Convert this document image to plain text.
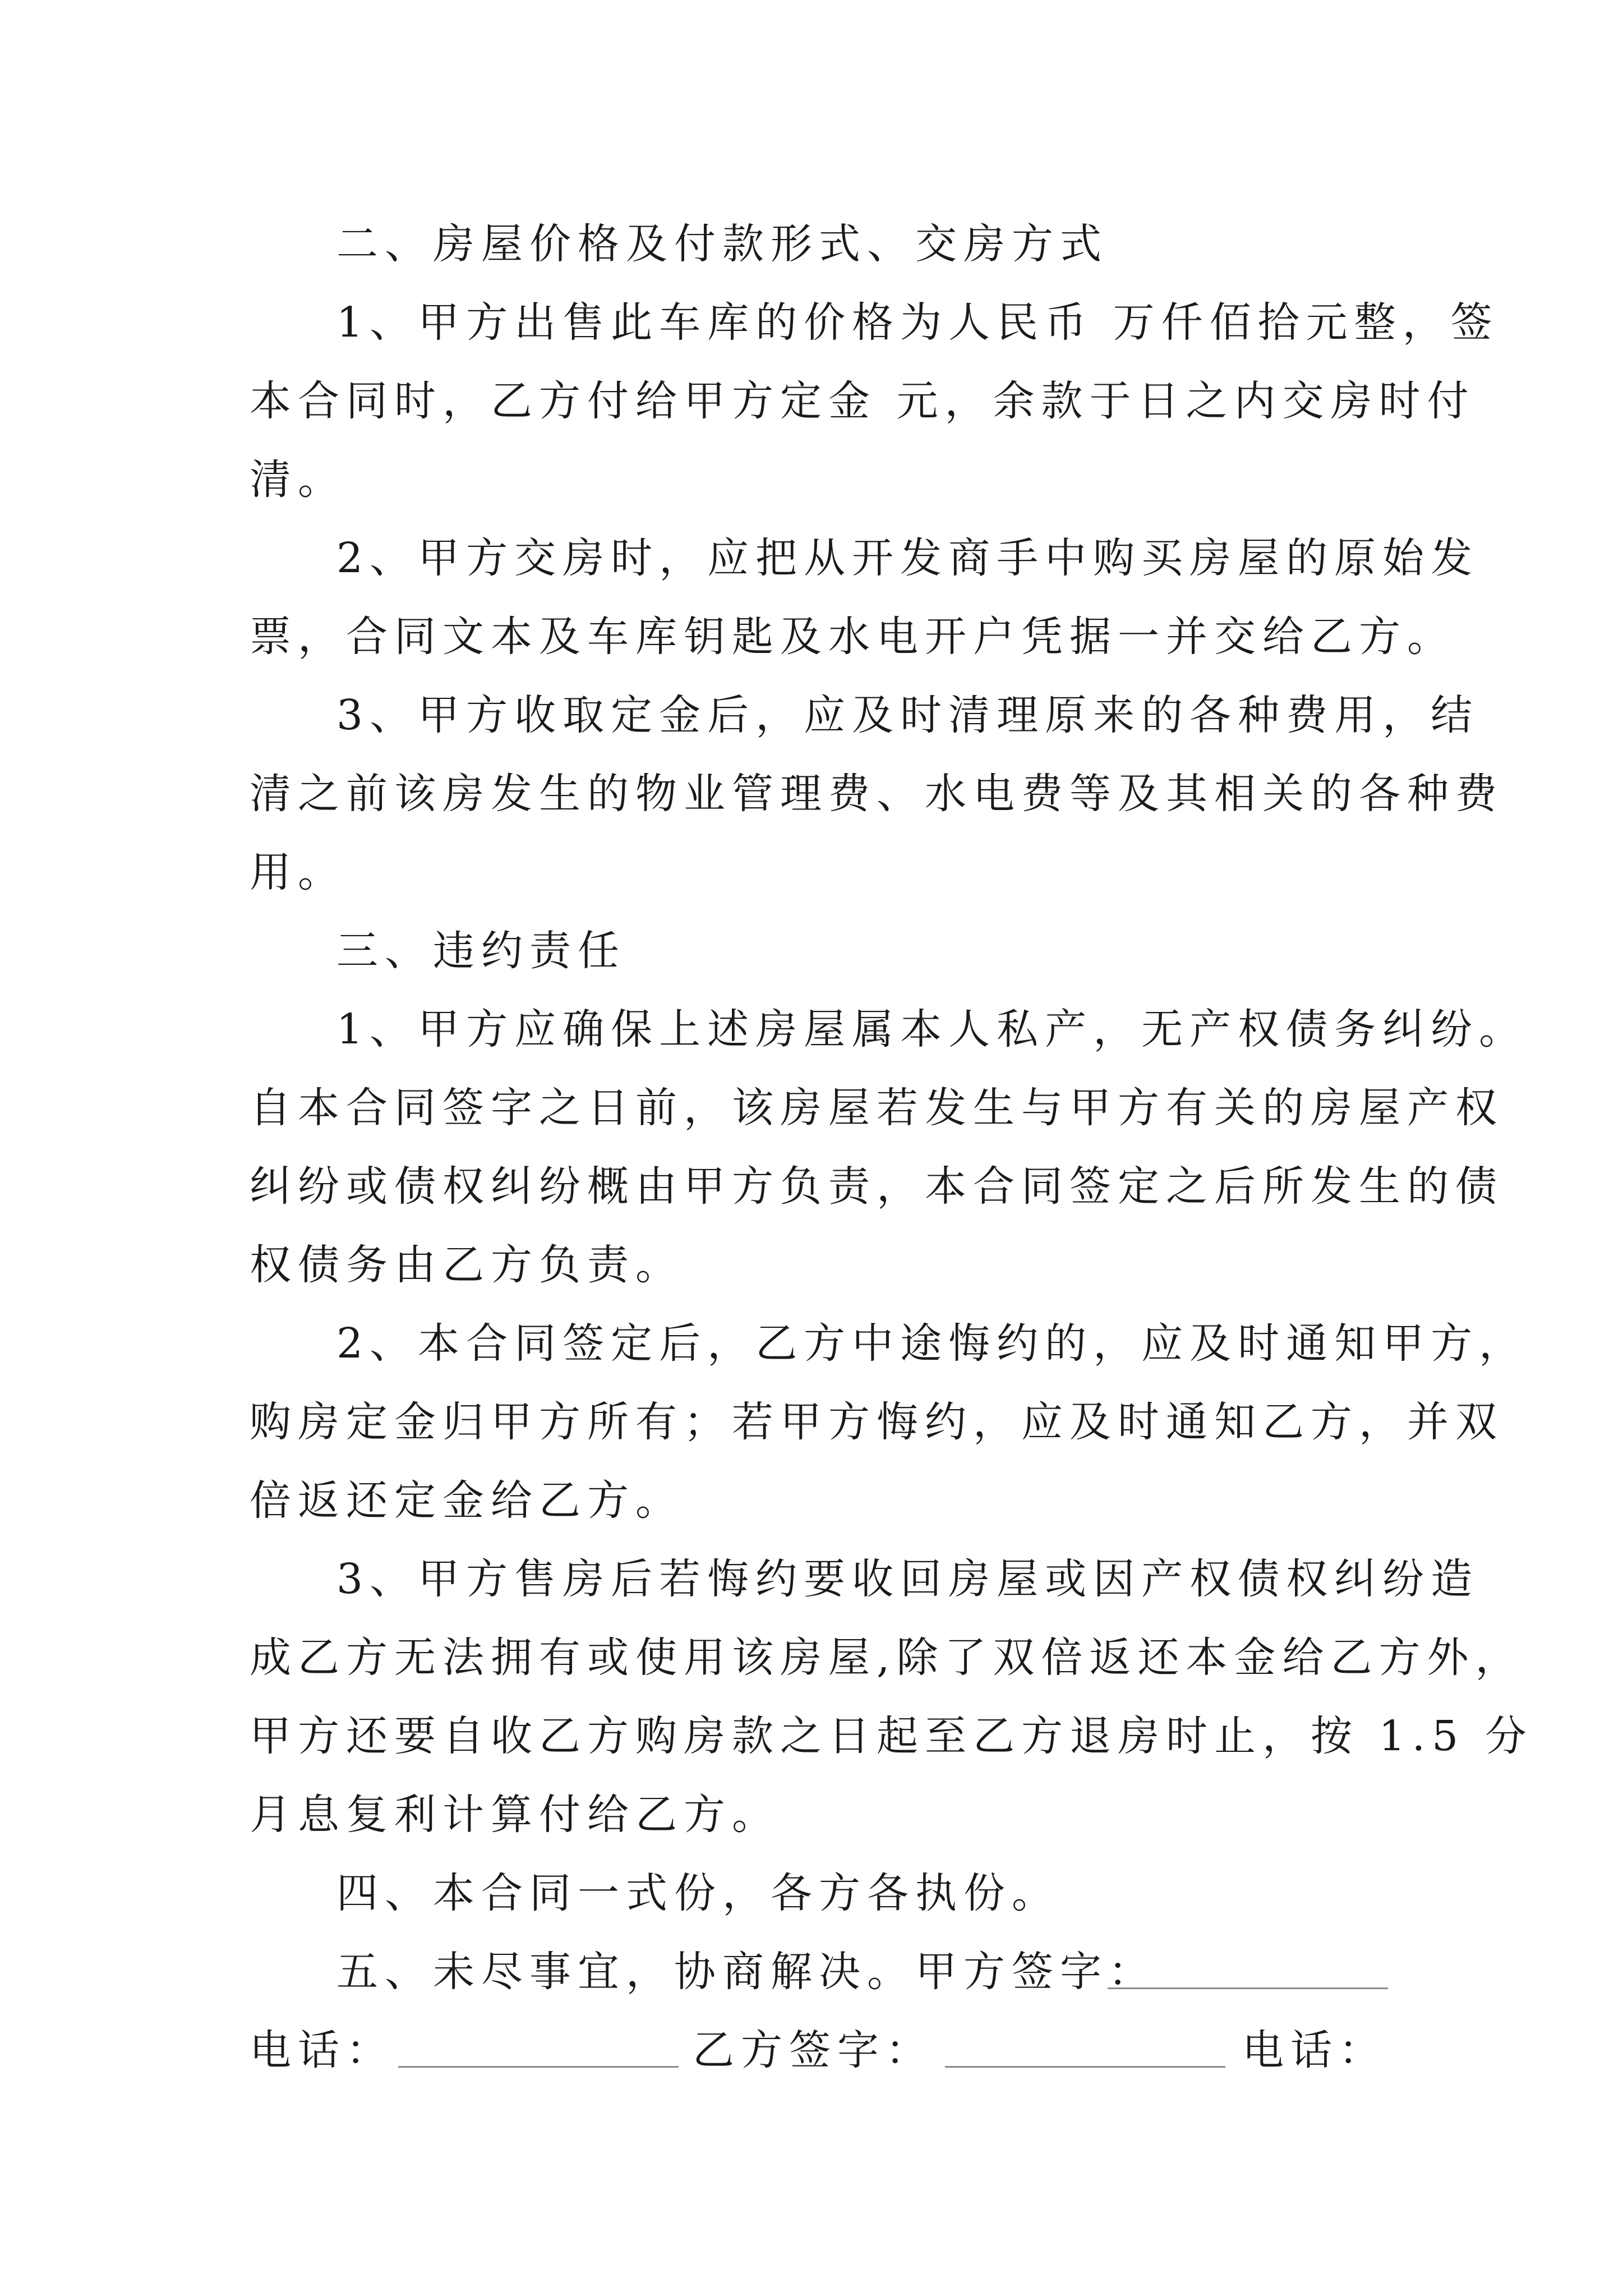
二、房屋价格及付款形式、交房方式
1、甲方出售此车库的价格为人民币 万仟佰拾元整，签
本合同时，乙方付给甲方定金 元，余款于日之内交房时付
清。
2、甲方交房时，应把从开发商手中购买房屋的原始发
票，合同文本及车库钥匙及水电开户凭据一并交给乙方。
3、甲方收取定金后，应及时清理原来的各种费用，结
清之前该房发生的物业管理费、水电费等及其相关的各种费
用。
三、违约责任
1、甲方应确保上述房屋属本人私产，无产权债务纠纷。
自本合同签字之日前，该房屋若发生与甲方有关的房屋产权
纠纷或债权纠纷概由甲方负责，本合同签定之后所发生的债
权债务由乙方负责。
2、本合同签定后，乙方中途悔约的，应及时通知甲方，
购房定金归甲方所有；若甲方悔约，应及时通知乙方，并双
倍返还定金给乙方。
3、甲方售房后若悔约要收回房屋或因产权债权纠纷造
成乙方无法拥有或使用该房屋,除了双倍返还本金给乙方外，
甲方还要自收乙方购房款之日起至乙方退房时止，按 1.5 分
月息复利计算付给乙方。
四、本合同一式份，各方各执份。
五、未尽事宜，协商解决。甲方签字：
电话：	乙方签字：	电话：
